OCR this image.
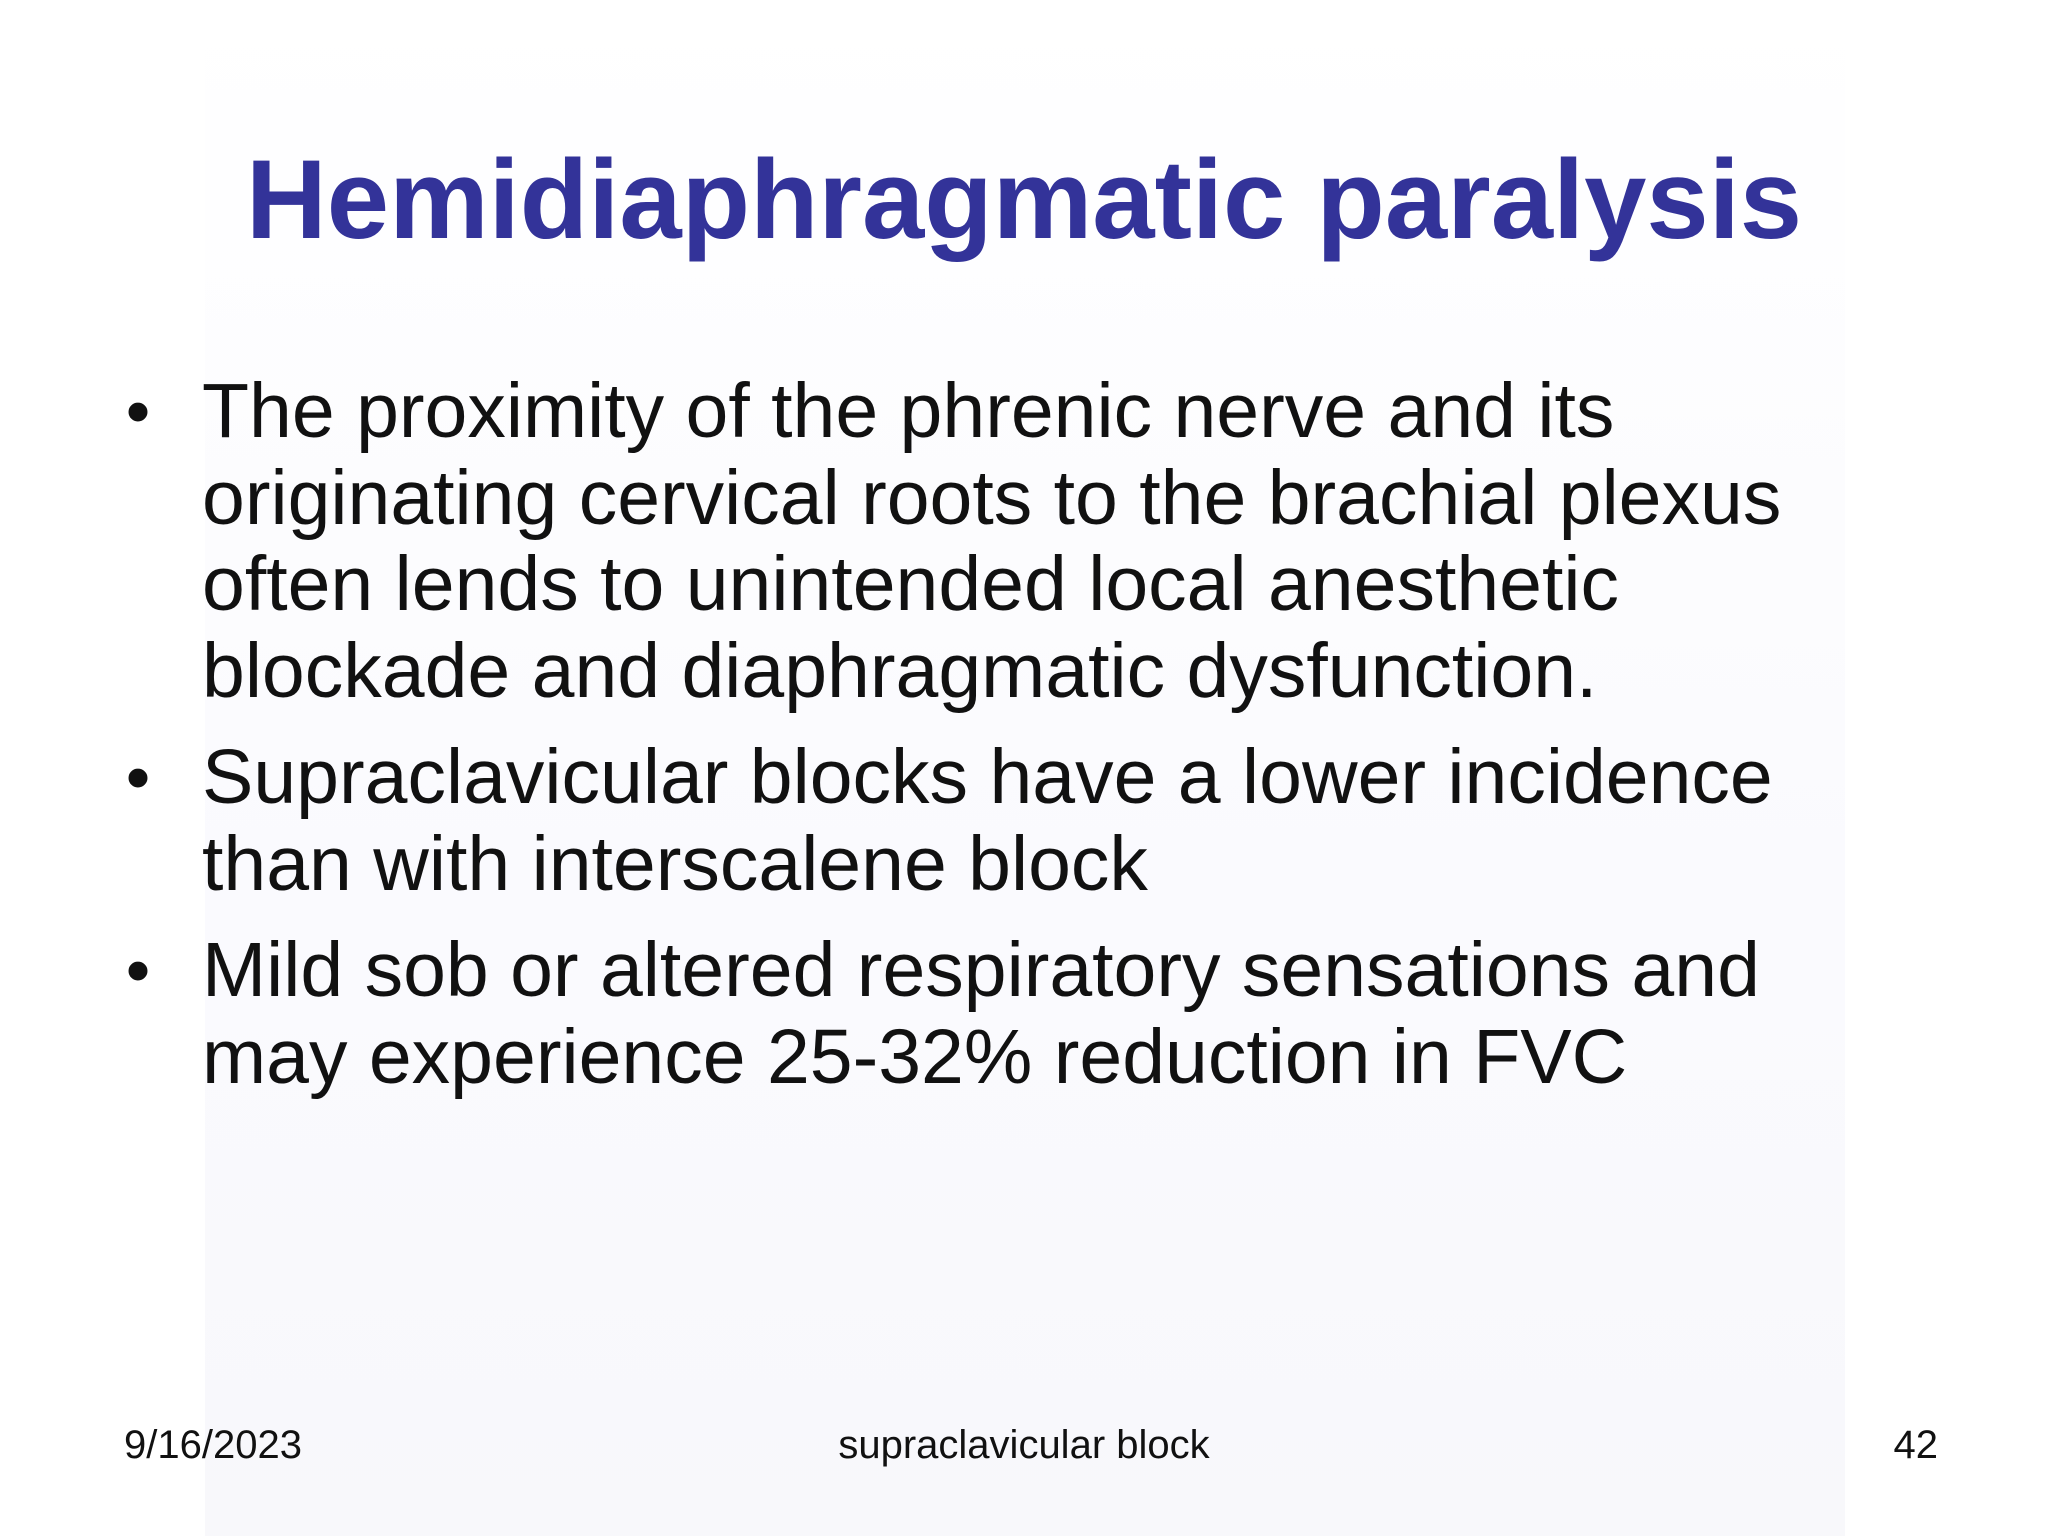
Hemidiaphragmatic paralysis
• The proximity of the phrenic nerve and its originating cervical roots to the brachial plexus often lends to unintended local anesthetic blockade and diaphragmatic dysfunction.
• Supraclavicular blocks have a lower incidence than with interscalene block
• Mild sob or altered respiratory sensations and may experience 25-32% reduction in FVC
9/16/2023	supraclavicular block	42
